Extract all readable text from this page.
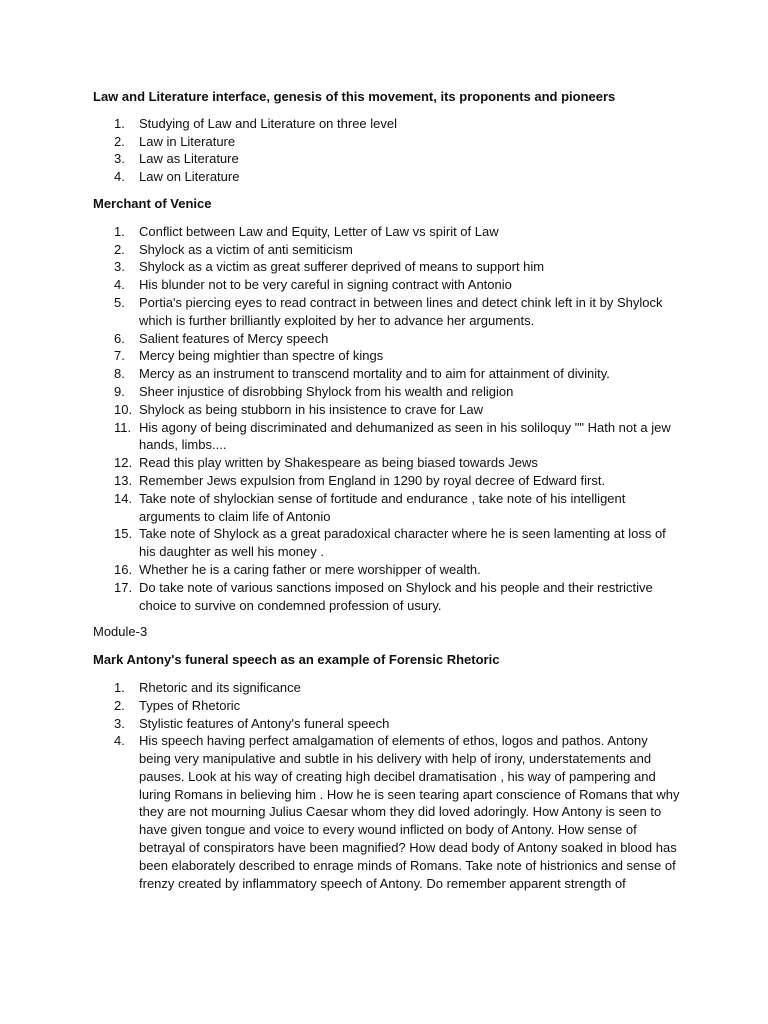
Law and Literature interface, genesis of this movement, its proponents and pioneers
1.	Studying of Law and Literature on three level
2.	Law in Literature
3.	Law as Literature
4.	Law on Literature
Merchant of Venice
1.	Conflict between Law and Equity, Letter of Law vs spirit of Law
2.	Shylock as a victim of anti semiticism
3.	Shylock as a victim as great sufferer deprived of means to support him
4.	His blunder not to be very careful in signing contract with Antonio
5.	Portia's piercing eyes to read contract in between lines and detect chink left in it by Shylock which is further brilliantly exploited by her to advance her arguments.
6.	Salient features of Mercy speech
7.	Mercy being mightier than spectre of kings
8.	Mercy as an instrument to transcend mortality and to aim for attainment of divinity.
9.	Sheer injustice of disrobbing Shylock from his wealth and religion
10. Shylock as being stubborn in his insistence to crave for Law
11. His agony of being discriminated and dehumanized as seen in his soliloquy "" Hath not a jew hands, limbs....
12. Read this play written by Shakespeare as being biased towards Jews
13. Remember Jews expulsion from England in 1290 by royal decree of Edward first.
14. Take note of shylockian sense of fortitude and endurance , take note of his intelligent arguments to claim life of Antonio
15. Take note of Shylock as a great paradoxical character where he is seen lamenting at loss of his daughter as well his money .
16. Whether he is a caring father or mere worshipper of wealth.
17. Do take note of various sanctions imposed on Shylock and his people and their restrictive choice to survive on condemned profession of usury.
Module-3
Mark Antony's funeral speech as an example of Forensic Rhetoric
1.	Rhetoric and its significance
2.	Types of Rhetoric
3.	Stylistic features of Antony's funeral speech
4.	His speech having perfect amalgamation of elements of ethos, logos and pathos. Antony being very manipulative and subtle in his delivery with help of irony, understatements and pauses. Look at his way of creating high decibel dramatisation , his way of pampering and luring Romans in believing him . How he is seen tearing apart conscience of Romans that why they are not mourning Julius Caesar whom they did loved adoringly. How Antony is seen to have given tongue and voice to every wound inflicted on body of Antony. How sense of betrayal of conspirators have been magnified? How dead body of Antony soaked in blood has been elaborately described to enrage minds of Romans. Take note of histrionics and sense of frenzy created by inflammatory speech of Antony. Do remember apparent strength of
